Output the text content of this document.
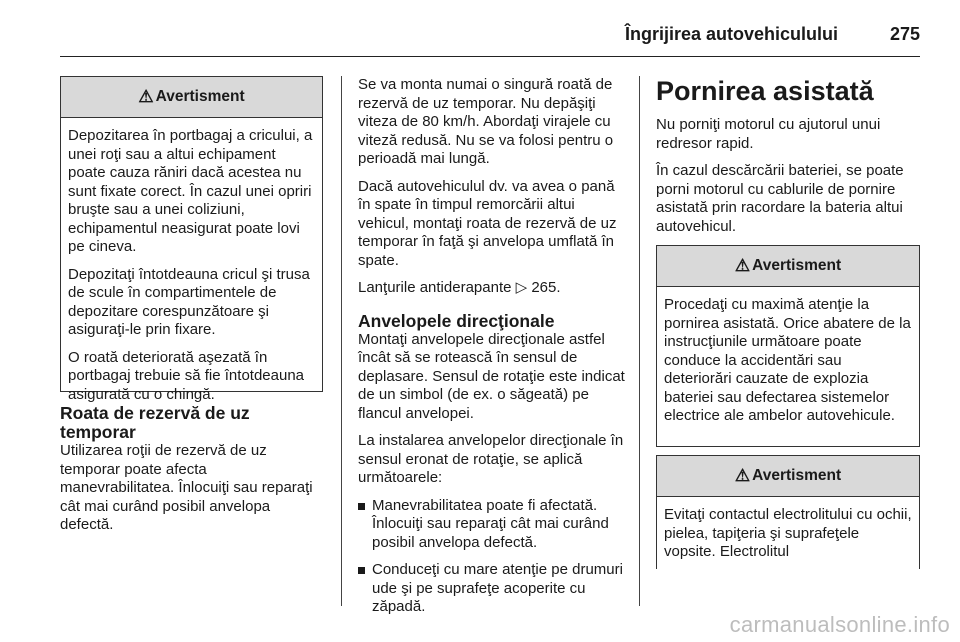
Îngrijirea autovehiculului	275
⚠ Avertisment

Depozitarea în portbagaj a cricului, a unei roţi sau a altui echipament poate cauza răniri dacă acestea nu sunt fixate corect. În cazul unei opriri bruşte sau a unei coliziuni, echipamentul neasigurat poate lovi pe cineva.

Depozitaţi întotdeauna cricul şi trusa de scule în compartimentele de depozitare corespunzătoare şi asiguraţi-le prin fixare.

O roată deteriorată aşezată în portbagaj trebuie să fie întotdeauna asigurată cu o chingă.

Roata de rezervă de uz temporar

Utilizarea roţii de rezervă de uz temporar poate afecta manevrabilitatea. Înlocuiţi sau reparaţi cât mai curând posibil anvelopa defectă.

Se va monta numai o singură roată de rezervă de uz temporar. Nu depăşiţi viteza de 80 km/h. Abordaţi virajele cu viteză redusă. Nu se va folosi pentru o perioadă mai lungă.

Dacă autovehiculul dv. va avea o pană în spate în timpul remorcării altui vehicul, montaţi roata de rezervă de uz temporar în faţă şi anvelopa umflată în spate.

Lanţurile antiderapante ▷ 265.

Anvelopele direcţionale

Montaţi anvelopele direcţionale astfel încât să se rotească în sensul de deplasare. Sensul de rotaţie este indicat de un simbol (de ex. o săgeată) pe flancul anvelopei.

La instalarea anvelopelor direcţionale în sensul eronat de rotaţie, se aplică următoarele:

Manevrabilitatea poate fi afectată. Înlocuiţi sau reparaţi cât mai curând posibil anvelopa defectă.
Conduceţi cu mare atenţie pe drumuri ude şi pe suprafeţe acoperite cu zăpadă.
Pornirea asistată

Nu porniţi motorul cu ajutorul unui redresor rapid.

În cazul descărcării bateriei, se poate porni motorul cu cablurile de pornire asistată prin racordare la bateria altui autovehicul.

⚠ Avertisment

Procedaţi cu maximă atenţie la pornirea asistată. Orice abatere de la instrucţiunile următoare poate conduce la accidentări sau deteriorări cauzate de explozia bateriei sau defectarea sistemelor electrice ale ambelor autovehicule.

⚠ Avertisment

Evitaţi contactul electrolitului cu ochii, pielea, tapiţeria şi suprafeţele vopsite. Electrolitul

carmanualsonline.info
